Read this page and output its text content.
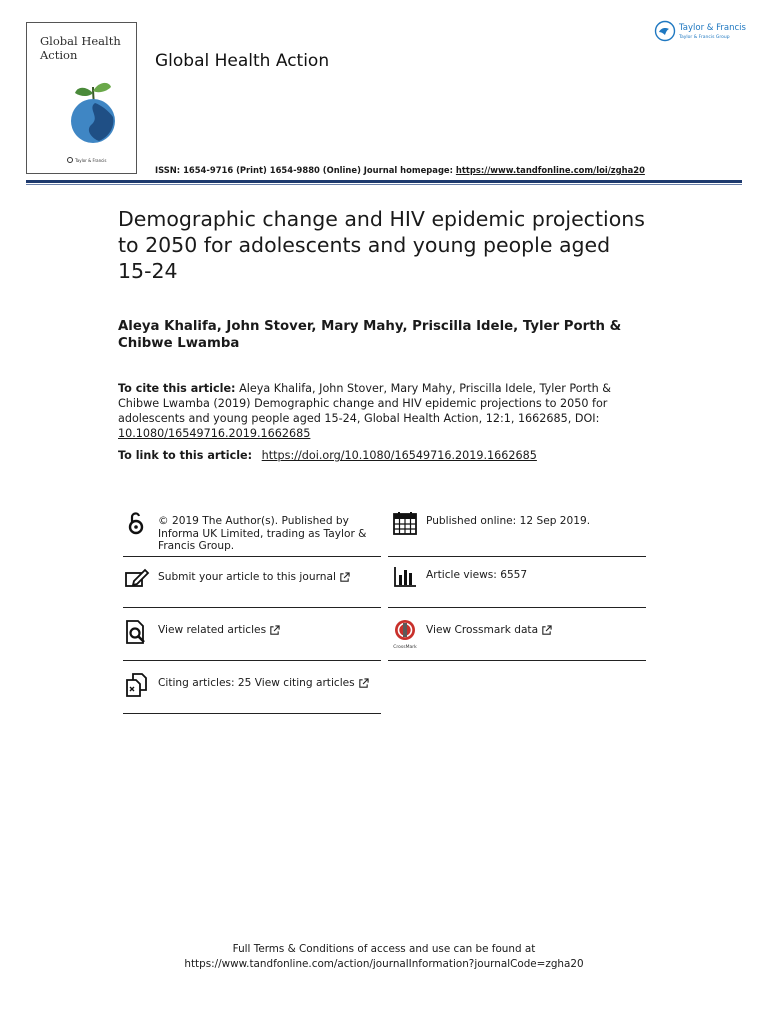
Global Health
Action
Taylor & Francis
Global Health Action
Taylor & Francis
Taylor & Francis Group
ISSN: 1654-9716 (Print) 1654-9880 (Online) Journal homepage: https://www.tandfonline.com/loi/zgha20
Demographic change and HIV epidemic projections to 2050 for adolescents and young people aged 15-24
Aleya Khalifa, John Stover, Mary Mahy, Priscilla Idele, Tyler Porth & Chibwe Lwamba
To cite this article: Aleya Khalifa, John Stover, Mary Mahy, Priscilla Idele, Tyler Porth & Chibwe Lwamba (2019) Demographic change and HIV epidemic projections to 2050 for adolescents and young people aged 15-24, Global Health Action, 12:1, 1662685, DOI: 10.1080/16549716.2019.1662685
To link to this article: https://doi.org/10.1080/16549716.2019.1662685
© 2019 The Author(s). Published by Informa UK Limited, trading as Taylor & Francis Group.
Submit your article to this journal
View related articles
Citing articles: 25 View citing articles
Published online: 12 Sep 2019.
Article views: 6557
CrossMark
View Crossmark data
Full Terms & Conditions of access and use can be found at
https://www.tandfonline.com/action/journalInformation?journalCode=zgha20
